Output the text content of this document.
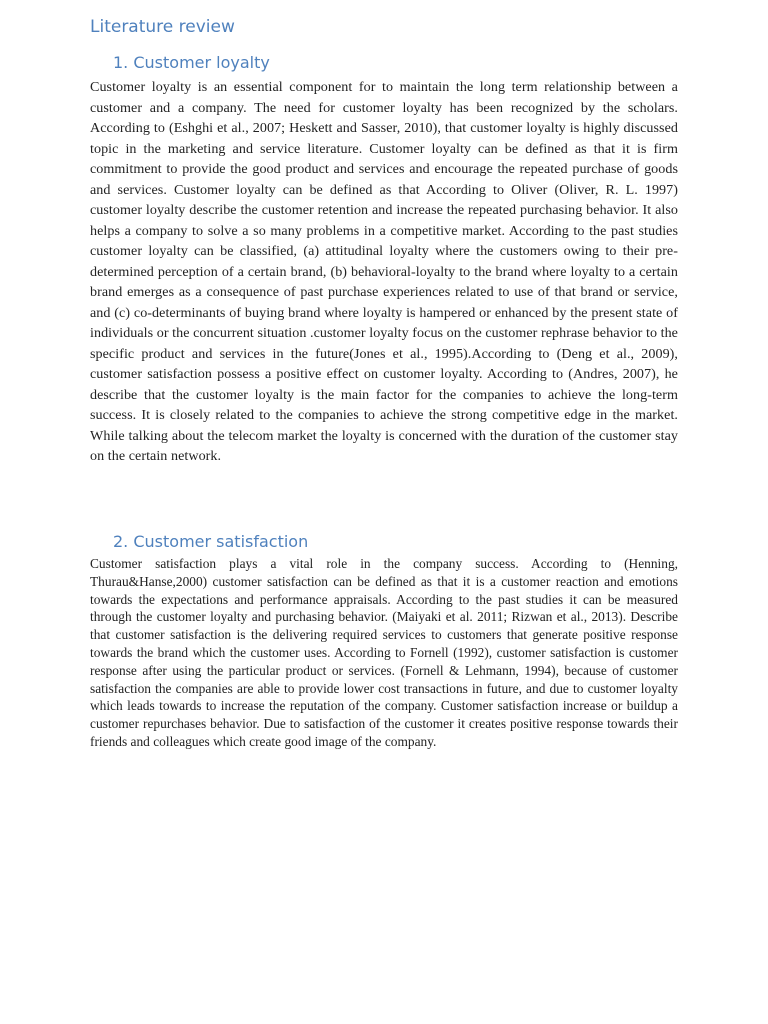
Literature review
1. Customer loyalty

Customer loyalty is an essential component for to maintain the long term relationship between a customer and a company. The need for customer loyalty has been recognized by the scholars. According to (Eshghi et al., 2007; Heskett and Sasser, 2010), that customer loyalty is highly discussed topic in the marketing and service literature. Customer loyalty can be defined as that it is firm commitment to provide the good product and services and encourage the repeated purchase of goods and services. Customer loyalty can be defined as that According to Oliver (Oliver, R. L. 1997) customer loyalty describe the customer retention and increase the repeated purchasing behavior. It also helps a company to solve a so many problems in a competitive market. According to the past studies customer loyalty can be classified, (a) attitudinal loyalty where the customers owing to their pre-determined perception of a certain brand, (b) behavioral-loyalty to the brand where loyalty to a certain brand emerges as a consequence of past purchase experiences related to use of that brand or service, and (c) co-determinants of buying brand where loyalty is hampered or enhanced by the present state of individuals or the concurrent situation .customer loyalty focus on the customer rephrase behavior to the specific product and services in the future(Jones et al., 1995).According to (Deng et al., 2009), customer satisfaction possess a positive effect on customer loyalty. According to (Andres, 2007), he describe that the customer loyalty is the main factor for the companies to achieve the long-term success. It is closely related to the companies to achieve the strong competitive edge in the market. While talking about the telecom market the loyalty is concerned with the duration of the customer stay on the certain network.

2. Customer satisfaction

Customer satisfaction plays a vital role in the company success. According to (Henning, Thurau&Hanse,2000) customer satisfaction can be defined as that it is a customer reaction and emotions towards the expectations and performance appraisals. According to the past studies it can be measured through the customer loyalty and purchasing behavior. (Maiyaki et al. 2011; Rizwan et al., 2013). Describe that customer satisfaction is the delivering required services to customers that generate positive response towards the brand which the customer uses. According to Fornell (1992), customer satisfaction is customer response after using the particular product or services. (Fornell & Lehmann, 1994), because of customer satisfaction the companies are able to provide lower cost transactions in future, and due to customer loyalty which leads towards to increase the reputation of the company. Customer satisfaction increase or buildup a customer repurchases behavior. Due to satisfaction of the customer it creates positive response towards their friends and colleagues which create good image of the company.
